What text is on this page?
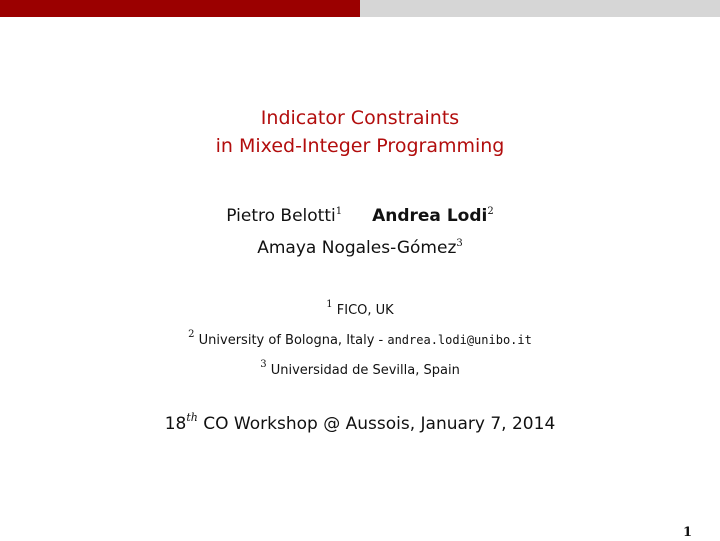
Indicator Constraints
in Mixed-Integer Programming
Pietro Belotti$^1$ Andrea Lodi$^2$
Amaya Nogales-Gómez$^3$
$^1$ FICO, UK
$^2$ University of Bologna, Italy - andrea.lodi@unibo.it
$^3$ Universidad de Sevilla, Spain
18th CO Workshop @ Aussois, January 7, 2014
1
